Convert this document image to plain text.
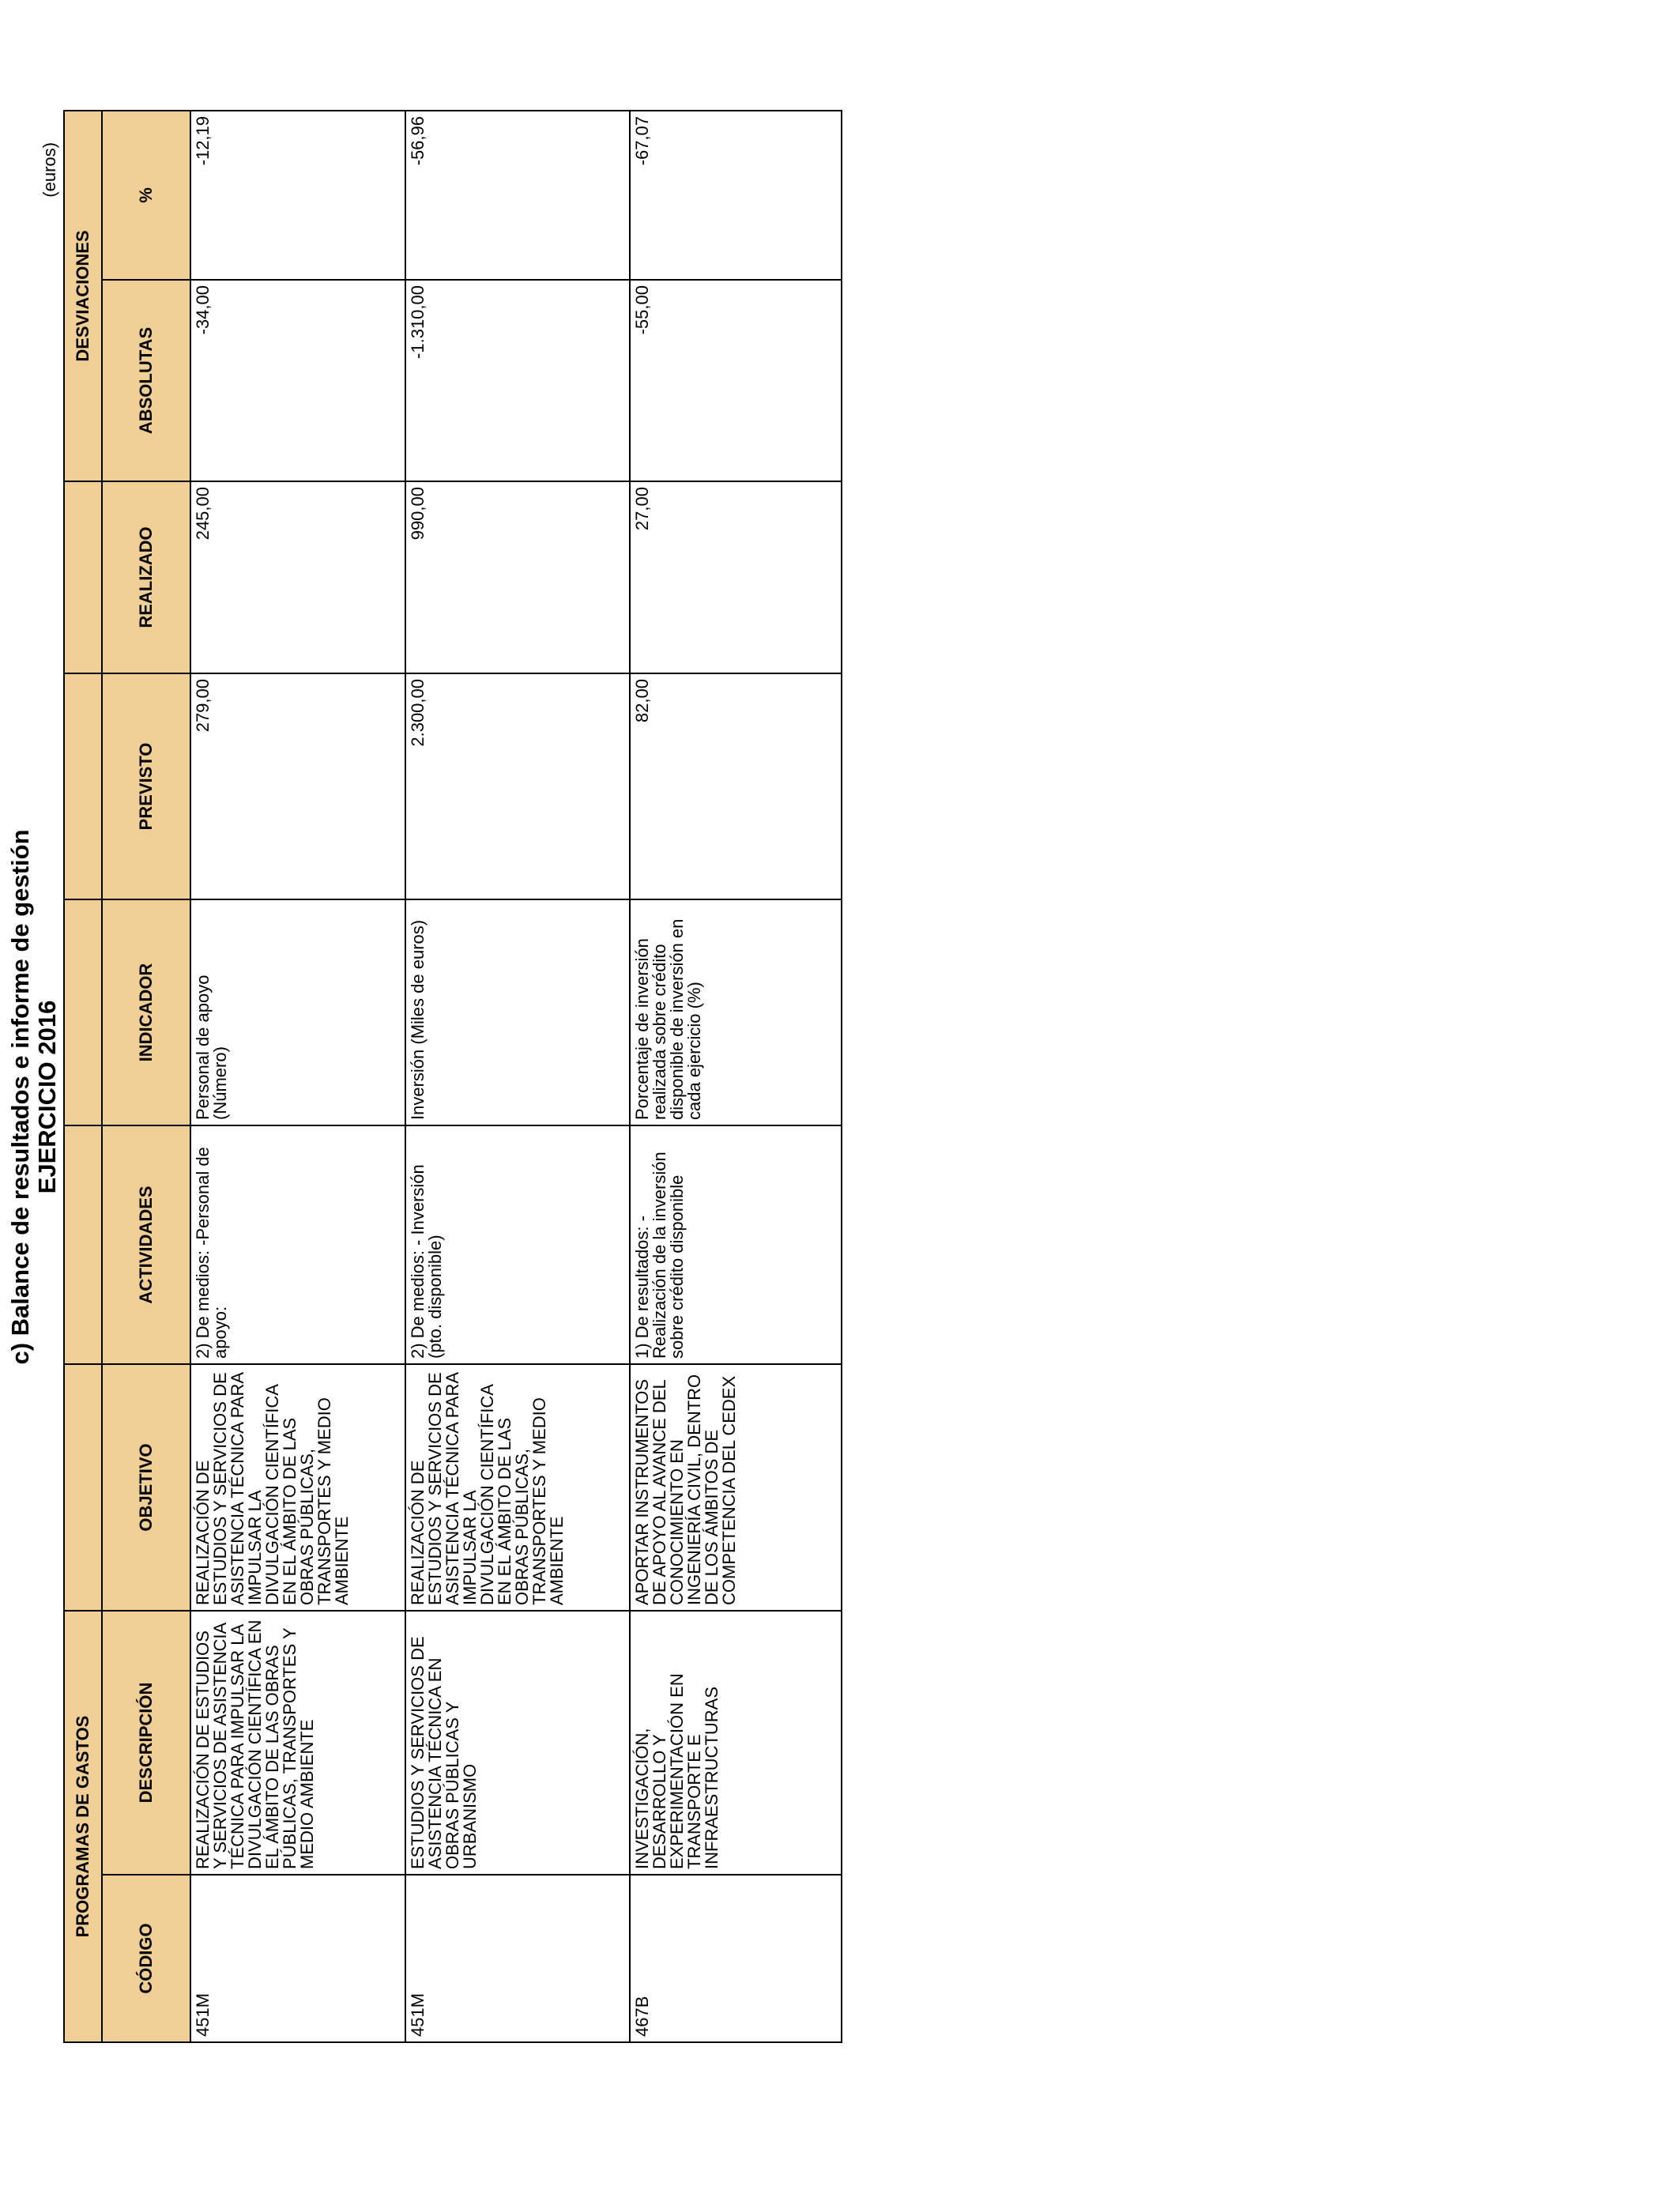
c) Balance de resultados e informe de gestión EJERCICIO 2016
(euros)
PROGRAMAS DE GASTOS							DESVIACIONES	
CÓDIGO	DESCRIPCIÓN	OBJETIVO	ACTIVIDADES	INDICADOR	PREVISTO	REALIZADO	ABSOLUTAS	%
451M	REALIZACIÓN DE ESTUDIOS Y SERVICIOS DE ASISTENCIA TÉCNICA PARA IMPULSAR LA DIVULGACIÓN CIENTÍFICA EN EL ÁMBITO DE LAS OBRAS PÚBLICAS, TRANSPORTES Y MEDIO AMBIENTE	REALIZACIÓN DE ESTUDIOS Y SERVICIOS DE ASISTENCIA TÉCNICA PARA IMPULSAR LA DIVULGACIÓN CIENTÍFICA EN EL ÁMBITO DE LAS OBRAS PÚBLICAS, TRANSPORTES Y MEDIO AMBIENTE	2) De medios: -Personal de apoyo:	Personal de apoyo (Número)	279,00	245,00	-34,00	-12,19
451M	ESTUDIOS Y SERVICIOS DE ASISTENCIA TÉCNICA EN OBRAS PÚBLICAS Y URBANISMO	REALIZACIÓN DE ESTUDIOS Y SERVICIOS DE ASISTENCIA TÉCNICA PARA IMPULSAR LA DIVULGACIÓN CIENTÍFICA EN EL ÁMBITO DE LAS OBRAS PÚBLICAS, TRANSPORTES Y MEDIO AMBIENTE	2) De medios: - Inversión (pto. disponible)	Inversión (Miles de euros)	2.300,00	990,00	-1.310,00	-56,96
467B	INVESTIGACIÓN, DESARROLLO Y EXPERIMENTACIÓN EN TRANSPORTE E INFRAESTRUCTURAS	APORTAR INSTRUMENTOS DE APOYO AL AVANCE DEL CONOCIMIENTO EN INGENIERÍA CIVIL, DENTRO DE LOS ÁMBITOS DE COMPETENCIA DEL CEDEX	1) De resultados: - Realización de la inversión sobre crédito disponible	Porcentaje de inversión realizada sobre crédito disponible de inversión en cada ejercicio (%)	82,00	27,00	-55,00	-67,07
